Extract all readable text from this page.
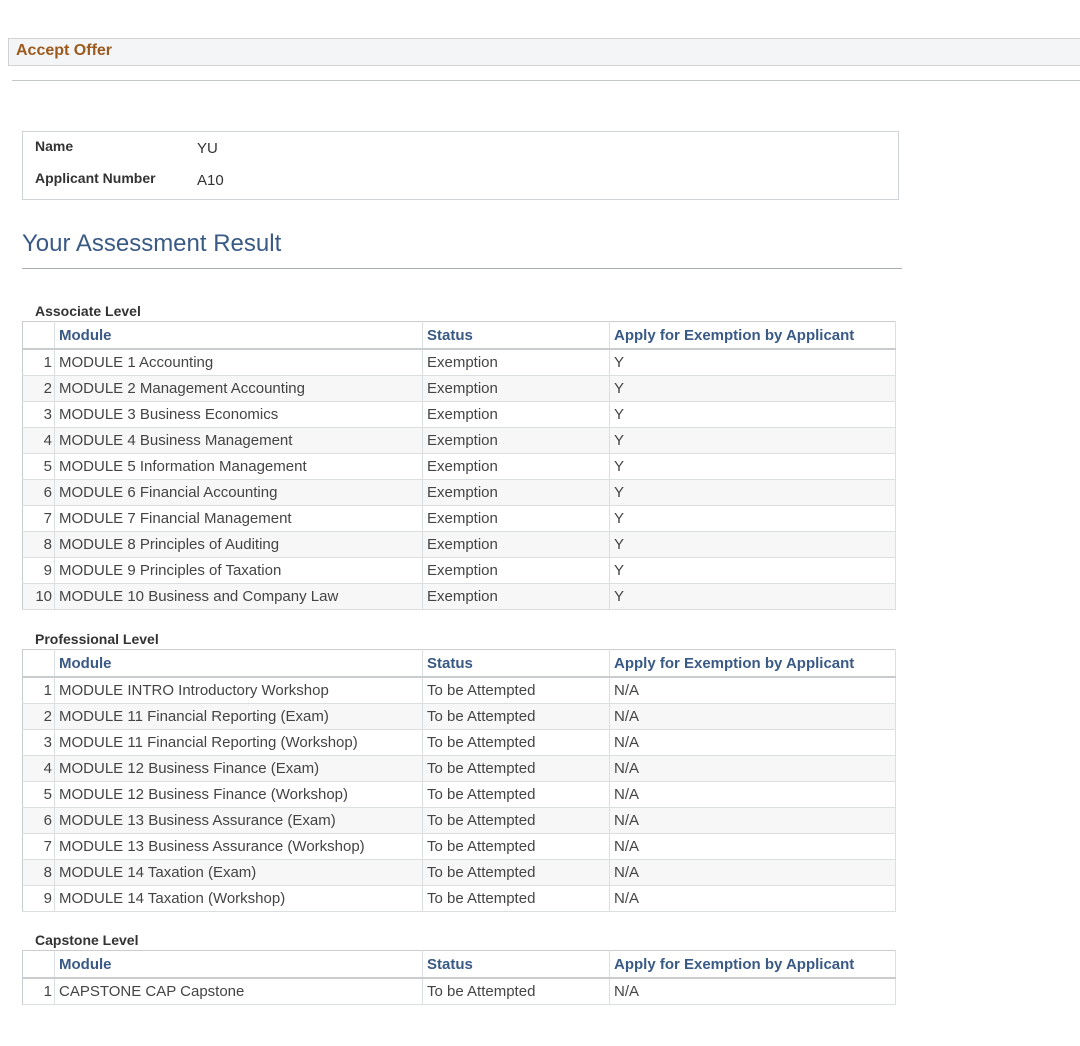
Accept Offer
Name	YU
Applicant Number	A10
Your Assessment Result
Associate Level
	Module	Status	Apply for Exemption by Applicant
1	MODULE 1 Accounting	Exemption	Y
2	MODULE 2 Management Accounting	Exemption	Y
3	MODULE 3 Business Economics	Exemption	Y
4	MODULE 4 Business Management	Exemption	Y
5	MODULE 5 Information Management	Exemption	Y
6	MODULE 6 Financial Accounting	Exemption	Y
7	MODULE 7 Financial Management	Exemption	Y
8	MODULE 8 Principles of Auditing	Exemption	Y
9	MODULE 9 Principles of Taxation	Exemption	Y
10	MODULE 10 Business and Company Law	Exemption	Y
Professional Level
	Module	Status	Apply for Exemption by Applicant
1	MODULE INTRO Introductory Workshop	To be Attempted	N/A
2	MODULE 11 Financial Reporting (Exam)	To be Attempted	N/A
3	MODULE 11 Financial Reporting (Workshop)	To be Attempted	N/A
4	MODULE 12 Business Finance (Exam)	To be Attempted	N/A
5	MODULE 12 Business Finance (Workshop)	To be Attempted	N/A
6	MODULE 13 Business Assurance (Exam)	To be Attempted	N/A
7	MODULE 13 Business Assurance (Workshop)	To be Attempted	N/A
8	MODULE 14 Taxation (Exam)	To be Attempted	N/A
9	MODULE 14 Taxation (Workshop)	To be Attempted	N/A
Capstone Level
	Module	Status	Apply for Exemption by Applicant
1	CAPSTONE CAP Capstone	To be Attempted	N/A
